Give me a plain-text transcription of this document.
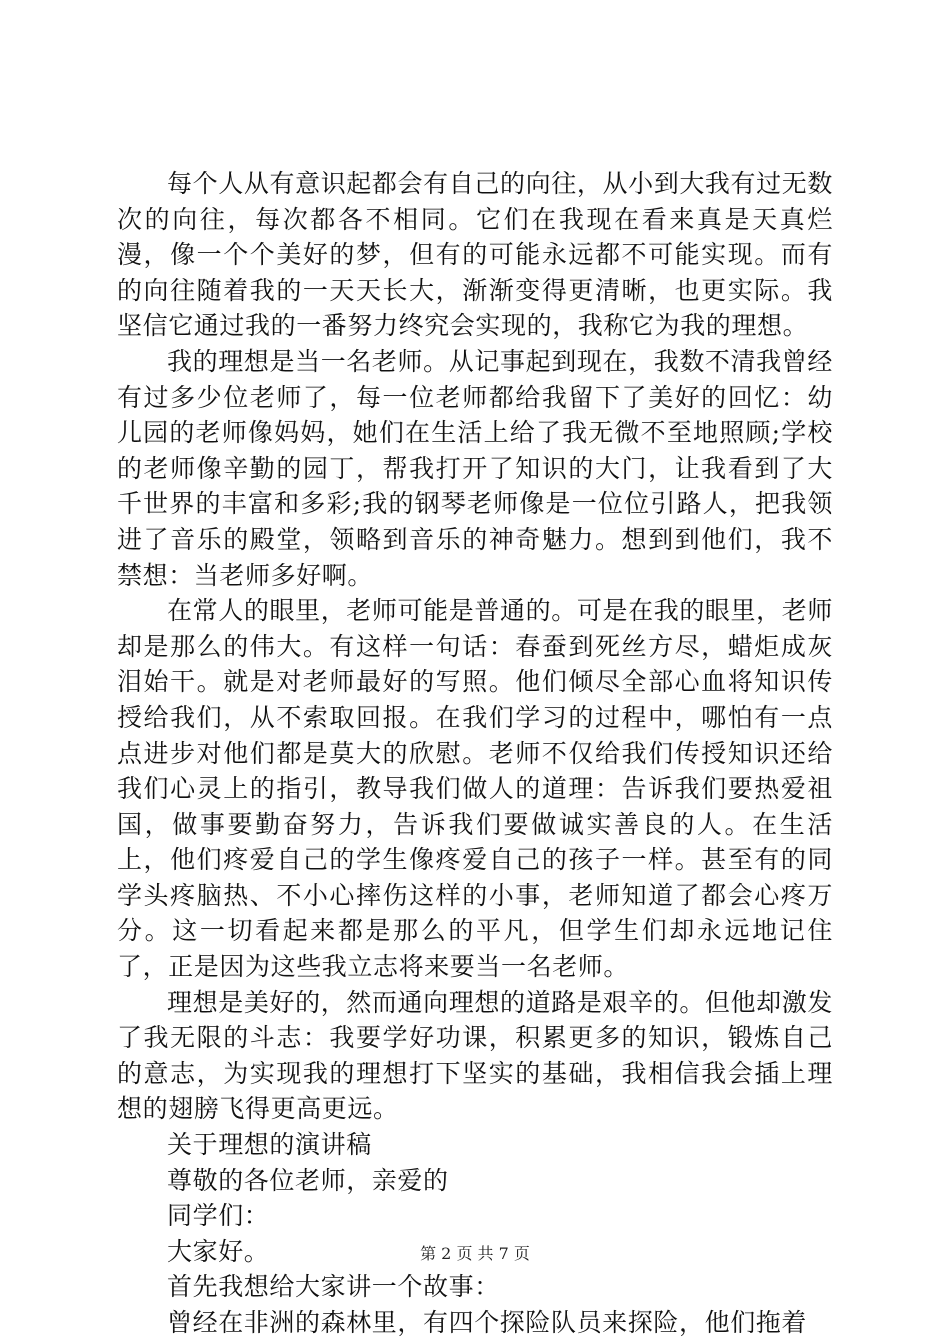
每个人从有意识起都会有自己的向往，从小到大我有过无数次的向往，每次都各不相同。它们在我现在看来真是天真烂漫，像一个个美好的梦，但有的可能永远都不可能实现。而有的向往随着我的一天天长大，渐渐变得更清晰，也更实际。我坚信它通过我的一番努力终究会实现的，我称它为我的理想。

我的理想是当一名老师。从记事起到现在，我数不清我曾经有过多少位老师了，每一位老师都给我留下了美好的回忆：幼儿园的老师像妈妈，她们在生活上给了我无微不至地照顾;学校的老师像辛勤的园丁，帮我打开了知识的大门，让我看到了大千世界的丰富和多彩;我的钢琴老师像是一位位引路人，把我领进了音乐的殿堂，领略到音乐的神奇魅力。想到到他们，我不禁想：当老师多好啊。

在常人的眼里，老师可能是普通的。可是在我的眼里，老师却是那么的伟大。有这样一句话：春蚕到死丝方尽，蜡炬成灰泪始干。就是对老师最好的写照。他们倾尽全部心血将知识传授给我们，从不索取回报。在我们学习的过程中，哪怕有一点点进步对他们都是莫大的欣慰。老师不仅给我们传授知识还给我们心灵上的指引，教导我们做人的道理：告诉我们要热爱祖国，做事要勤奋努力，告诉我们要做诚实善良的人。在生活上，他们疼爱自己的学生像疼爱自己的孩子一样。甚至有的同学头疼脑热、不小心摔伤这样的小事，老师知道了都会心疼万分。这一切看起来都是那么的平凡，但学生们却永远地记住了，正是因为这些我立志将来要当一名老师。

理想是美好的，然而通向理想的道路是艰辛的。但他却激发了我无限的斗志：我要学好功课，积累更多的知识，锻炼自己的意志，为实现我的理想打下坚实的基础，我相信我会插上理想的翅膀飞得更高更远。

关于理想的演讲稿

尊敬的各位老师，亲爱的

同学们：

大家好。

首先我想给大家讲一个故事：

曾经在非洲的森林里，有四个探险队员来探险，他们拖着

第 2 页 共 7 页
